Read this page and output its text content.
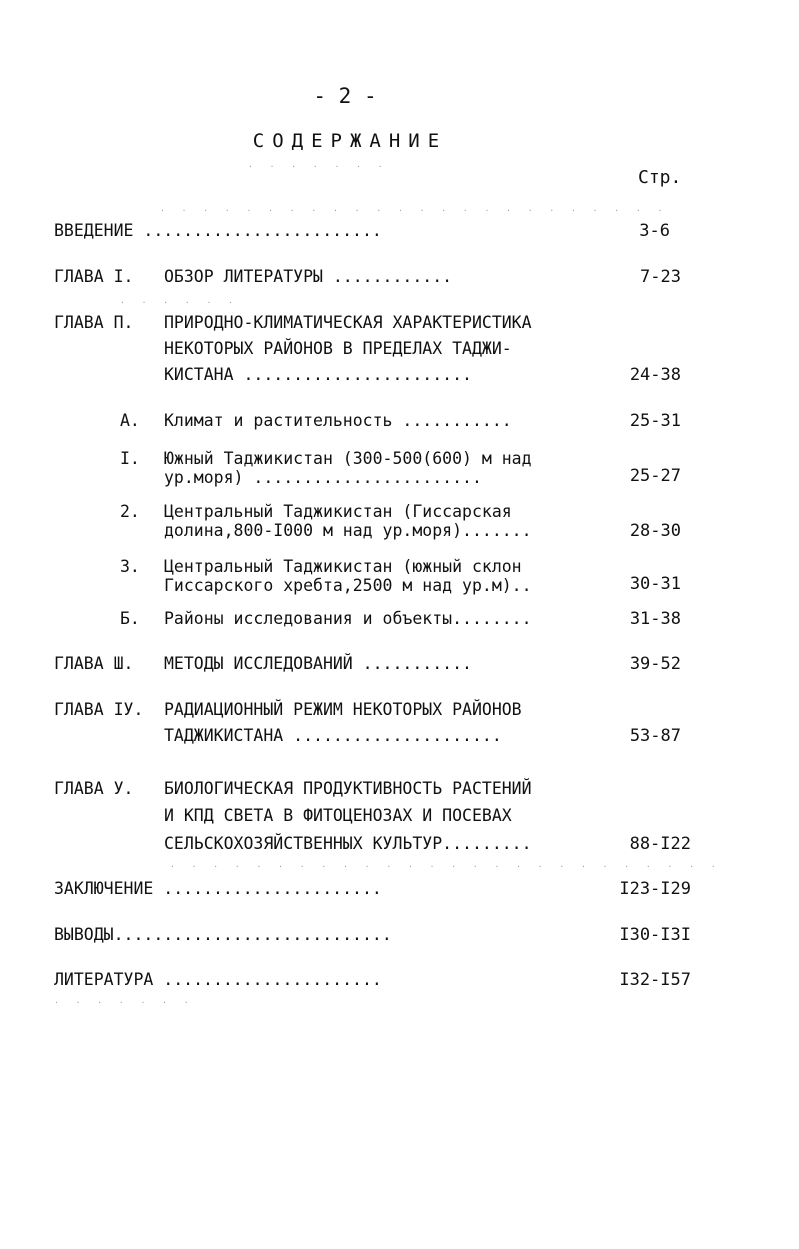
- 2 -
СОДЕРЖАНИЕ
Стр.
ВВЕДЕНИЕ ........................	3-6
ГЛАВА I. ОБЗОР ЛИТЕРАТУРЫ ............	7-23
ГЛАВА П. ПРИРОДНО-КЛИМАТИЧЕСКАЯ ХАРАКТЕРИСТИКА
НЕКОТОРЫХ РАЙОНОВ В ПРЕДЕЛАХ ТАДЖИ-
КИСТАНА .......................	24-38
А. Климат и растительность ...........	25-31
I. Южный Таджикистан (300-500(600) м над
ур.моря) .......................	25-27
2. Центральный Таджикистан (Гиссарская
долина,800-I000 м над ур.моря).......	28-30
3. Центральный Таджикистан (южный склон
Гиссарского хребта,2500 м над ур.м)..	30-31
Б. Районы исследования и объекты........	31-38
ГЛАВА Ш. МЕТОДЫ ИССЛЕДОВАНИЙ ...........	39-52
ГЛАВА IУ. РАДИАЦИОННЫЙ РЕЖИМ НЕКОТОРЫХ РАЙОНОВ
ТАДЖИКИСТАНА .....................	53-87
ГЛАВА У. БИОЛОГИЧЕСКАЯ ПРОДУКТИВНОСТЬ РАСТЕНИЙ
И КПД СВЕТА В ФИТОЦЕНОЗАХ И ПОСЕВАХ
СЕЛЬСКОХОЗЯЙСТВЕННЫХ КУЛЬТУР.........	88-I22
ЗАКЛЮЧЕНИЕ ......................	I23-I29
ВЫВОДЫ............................	I30-I3I
ЛИТЕРАТУРА ......................	I32-I57
. . . . . . .
. . . . . . . . . . . . . . . . . . . . . . . .
. . . . . .
. . . . . . . . . . . . . . . . . . . . . . . . . .
. . . . . . .
